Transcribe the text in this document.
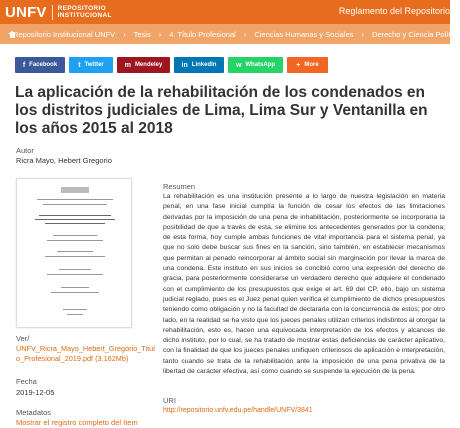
UNFV REPOSITORIO
INSTITUCIONAL	Reglamento del Repositorio
Repositorio Institucional UNFV › Tesis › 4. Título Profesional › Ciencias Humanas y Sociales › Derecho y Ciencia Política
f Facebook	t Twitter	m Mendeley	in LinkedIn	w WhatsApp	+ More
La aplicación de la rehabilitación de los condenados en los distritos judiciales de Lima, Lima Sur y Ventanilla en los años 2015 al 2018
Autor
Ricra Mayo, Hebert Gregorio
Ver/
UNFV_Ricra_Mayo_Hebert_Gregorio_Titulo_Profesional_2019.pdf (3.162Mb)
Fecha
2019-12-05
Metadatos
Mostrar el registro completo del ítem
Resumen

La rehabilitación es una institución presente a lo largo de nuestra legislación en materia penal, en una fase inicial cumplía la función de cesar los efectos de las limitaciones derivadas por la imposición de una pena de inhabilitación, posteriormente se incorporaría la posibilidad de que a través de esta, se elimine los antecedentes generados por la condena; de esta forma, hoy cumple ambas funciones de vital importancia para el sistema penal, ya que no solo debe buscar sus fines en la sanción, sino también, en establecer mecanismos que permitan al penado reincorporar al ámbito social sin marginación por llevar la marca de una condena. Este instituto en sus inicios se concibió como una expresión del derecho de gracia, para posteriormente considerarse un verdadero derecho que adquiere el condenado con el cumplimiento de los presupuestos que exige el art. 69 del CP, ello, bajo un sistema judicial reglado, pues es el Juez penal quien verifica el cumplimiento de dichos presupuestos teniendo como obligación y no la facultad de declararla con la concurrencia de estos; por otro lado, en la realidad se ha visto que los jueces penales utilizan criterios indistintos al otorgar la rehabilitación, esto es, hacen una equivocada interpretación de los efectos y alcances de dicho instituto, por lo cual, se ha tratado de mostrar estas deficiencias de carácter aplicativo, con la finalidad de que los jueces penales unifiquen criteriosos de aplicación e interpretación, tanto cuando se trata de la rehabilitación ante la imposición de una pena privativa de la libertad de carácter efectiva, así como cuando se suspende la ejecución de la pena.

URI
http://repositorio.unfv.edu.pe/handle/UNFV/3841
